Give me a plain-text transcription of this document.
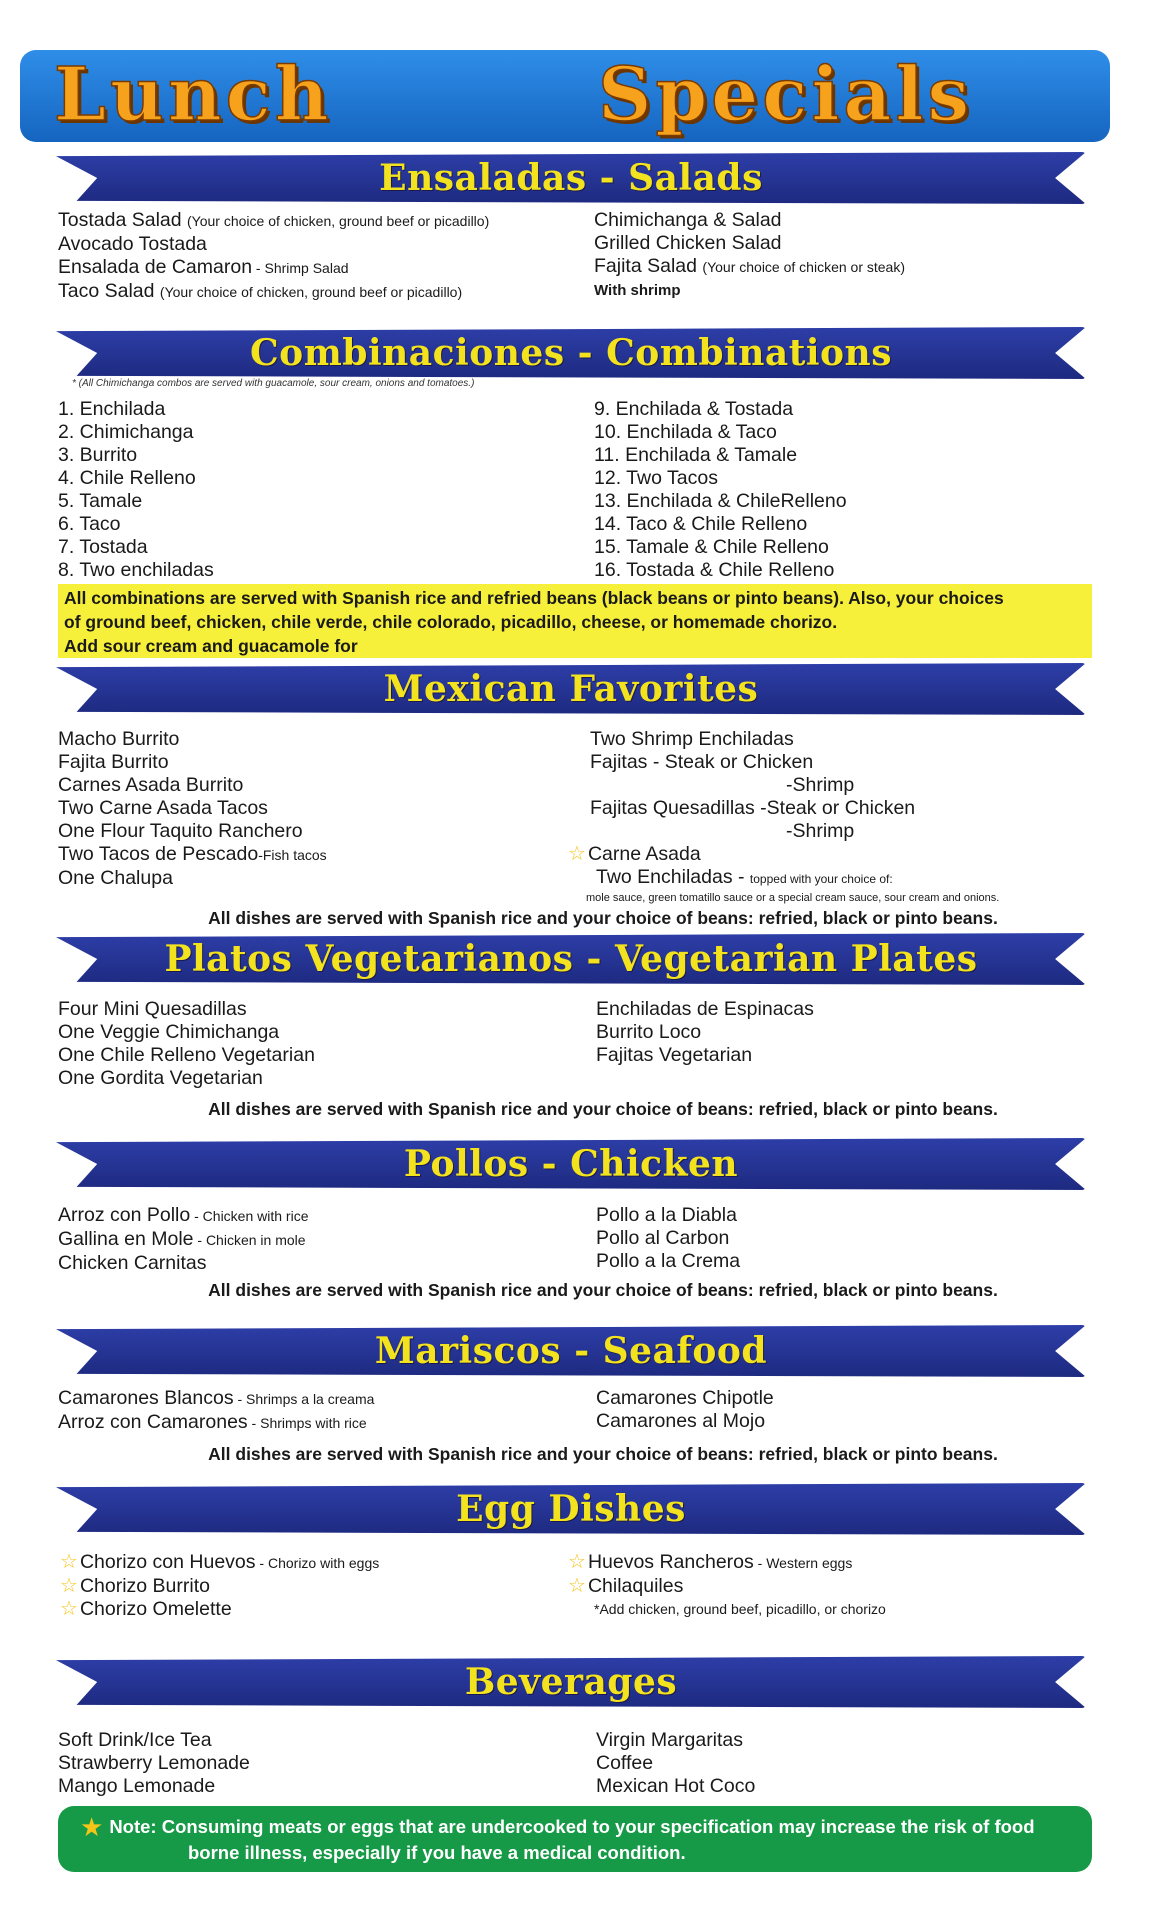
Lunch	Specials
Ensaladas - Salads
Tostada Salad (Your choice of chicken, ground beef or picadillo)
Avocado Tostada
Ensalada de Camaron - Shrimp Salad
Taco Salad (Your choice of chicken, ground beef or picadillo)
Chimichanga & Salad
Grilled Chicken Salad
Fajita Salad (Your choice of chicken or steak)
With shrimp
Combinaciones - Combinations
* (All Chimichanga combos are served with guacamole, sour cream, onions and tomatoes.)
1. Enchilada
2. Chimichanga
3. Burrito
4. Chile Relleno
5. Tamale
6. Taco
7. Tostada
8. Two enchiladas
9. Enchilada & Tostada
10. Enchilada & Taco
11. Enchilada & Tamale
12. Two Tacos
13. Enchilada & ChileRelleno
14. Taco & Chile Relleno
15. Tamale & Chile Relleno
16. Tostada & Chile Relleno
All combinations are served with Spanish rice and refried beans (black beans or pinto beans). Also, your choices
of ground beef, chicken, chile verde, chile colorado, picadillo, cheese, or homemade chorizo.
Add sour cream and guacamole for
Mexican Favorites
Macho Burrito
Fajita Burrito
Carnes Asada Burrito
Two Carne Asada Tacos
One Flour Taquito Ranchero
Two Tacos de Pescado-Fish tacos
One Chalupa
Two Shrimp Enchiladas
Fajitas - Steak or Chicken
-Shrimp
Fajitas Quesadillas -Steak or Chicken
-Shrimp
☆ Carne Asada
Two Enchiladas - topped with your choice of:
mole sauce, green tomatillo sauce or a special cream sauce, sour cream and onions.
All dishes are served with Spanish rice and your choice of beans: refried, black or pinto beans.
Platos Vegetarianos - Vegetarian Plates
Four Mini Quesadillas
One Veggie Chimichanga
One Chile Relleno Vegetarian
One Gordita Vegetarian
Enchiladas de Espinacas
Burrito Loco
Fajitas Vegetarian
All dishes are served with Spanish rice and your choice of beans: refried, black or pinto beans.
Pollos - Chicken
Arroz con Pollo - Chicken with rice
Gallina en Mole - Chicken in mole
Chicken Carnitas
Pollo a la Diabla
Pollo al Carbon
Pollo a la Crema
All dishes are served with Spanish rice and your choice of beans: refried, black or pinto beans.
Mariscos - Seafood
Camarones Blancos - Shrimps a la creama
Arroz con Camarones - Shrimps with rice
Camarones Chipotle
Camarones al Mojo
All dishes are served with Spanish rice and your choice of beans: refried, black or pinto beans.
Egg Dishes
☆ Chorizo con Huevos - Chorizo with eggs
☆ Chorizo Burrito
☆ Chorizo Omelette
☆ Huevos Rancheros - Western eggs
☆ Chilaquiles
*Add chicken, ground beef, picadillo, or chorizo
Beverages
Soft Drink/Ice Tea
Strawberry Lemonade
Mango Lemonade
Virgin Margaritas
Coffee
Mexican Hot Coco
★ Note: Consuming meats or eggs that are undercooked to your specification may increase the risk of food
borne illness, especially if you have a medical condition.
